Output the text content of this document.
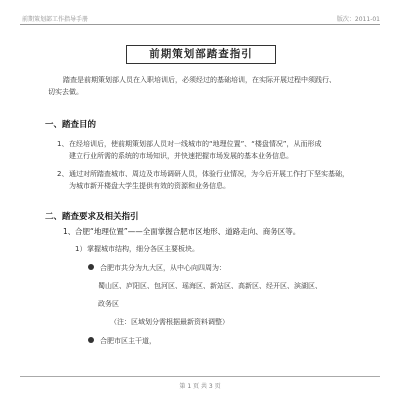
前期策划部工作指导手册	版次：2011-01
前期策划部踏查指引
踏查是前期策划部人员在入职培训后，必须经过的基础培训，在实际开展过程中须践行、
切实去做。
一、踏查目的
1、在经培训后，使前期策划部人员对一线城市的“地理位置”、“楼盘情况”，从而形成
建立行业所需的系统的市场知识，并快速把握市场发展的基本业务信息。
2、通过对所踏查城市、周边及市场调研人员，体验行业情况，为今后开展工作打下坚实基础，
为城市新开楼盘大学生提供有效的资源和业务信息。
二、踏查要求及相关指引
1、合肥“地理位置”——全面掌握合肥市区地形、道路走向、商务区等。
1）掌握城市结构，细分各区主要板块。
合肥市共分为九大区，从中心向四周为：
蜀山区、庐阳区、包河区、瑶海区、新站区、高新区、经开区、滨湖区、
政务区
（注：区域划分需根据最新资料调整）
合肥市区主干道，
第 1 页 共 3 页
